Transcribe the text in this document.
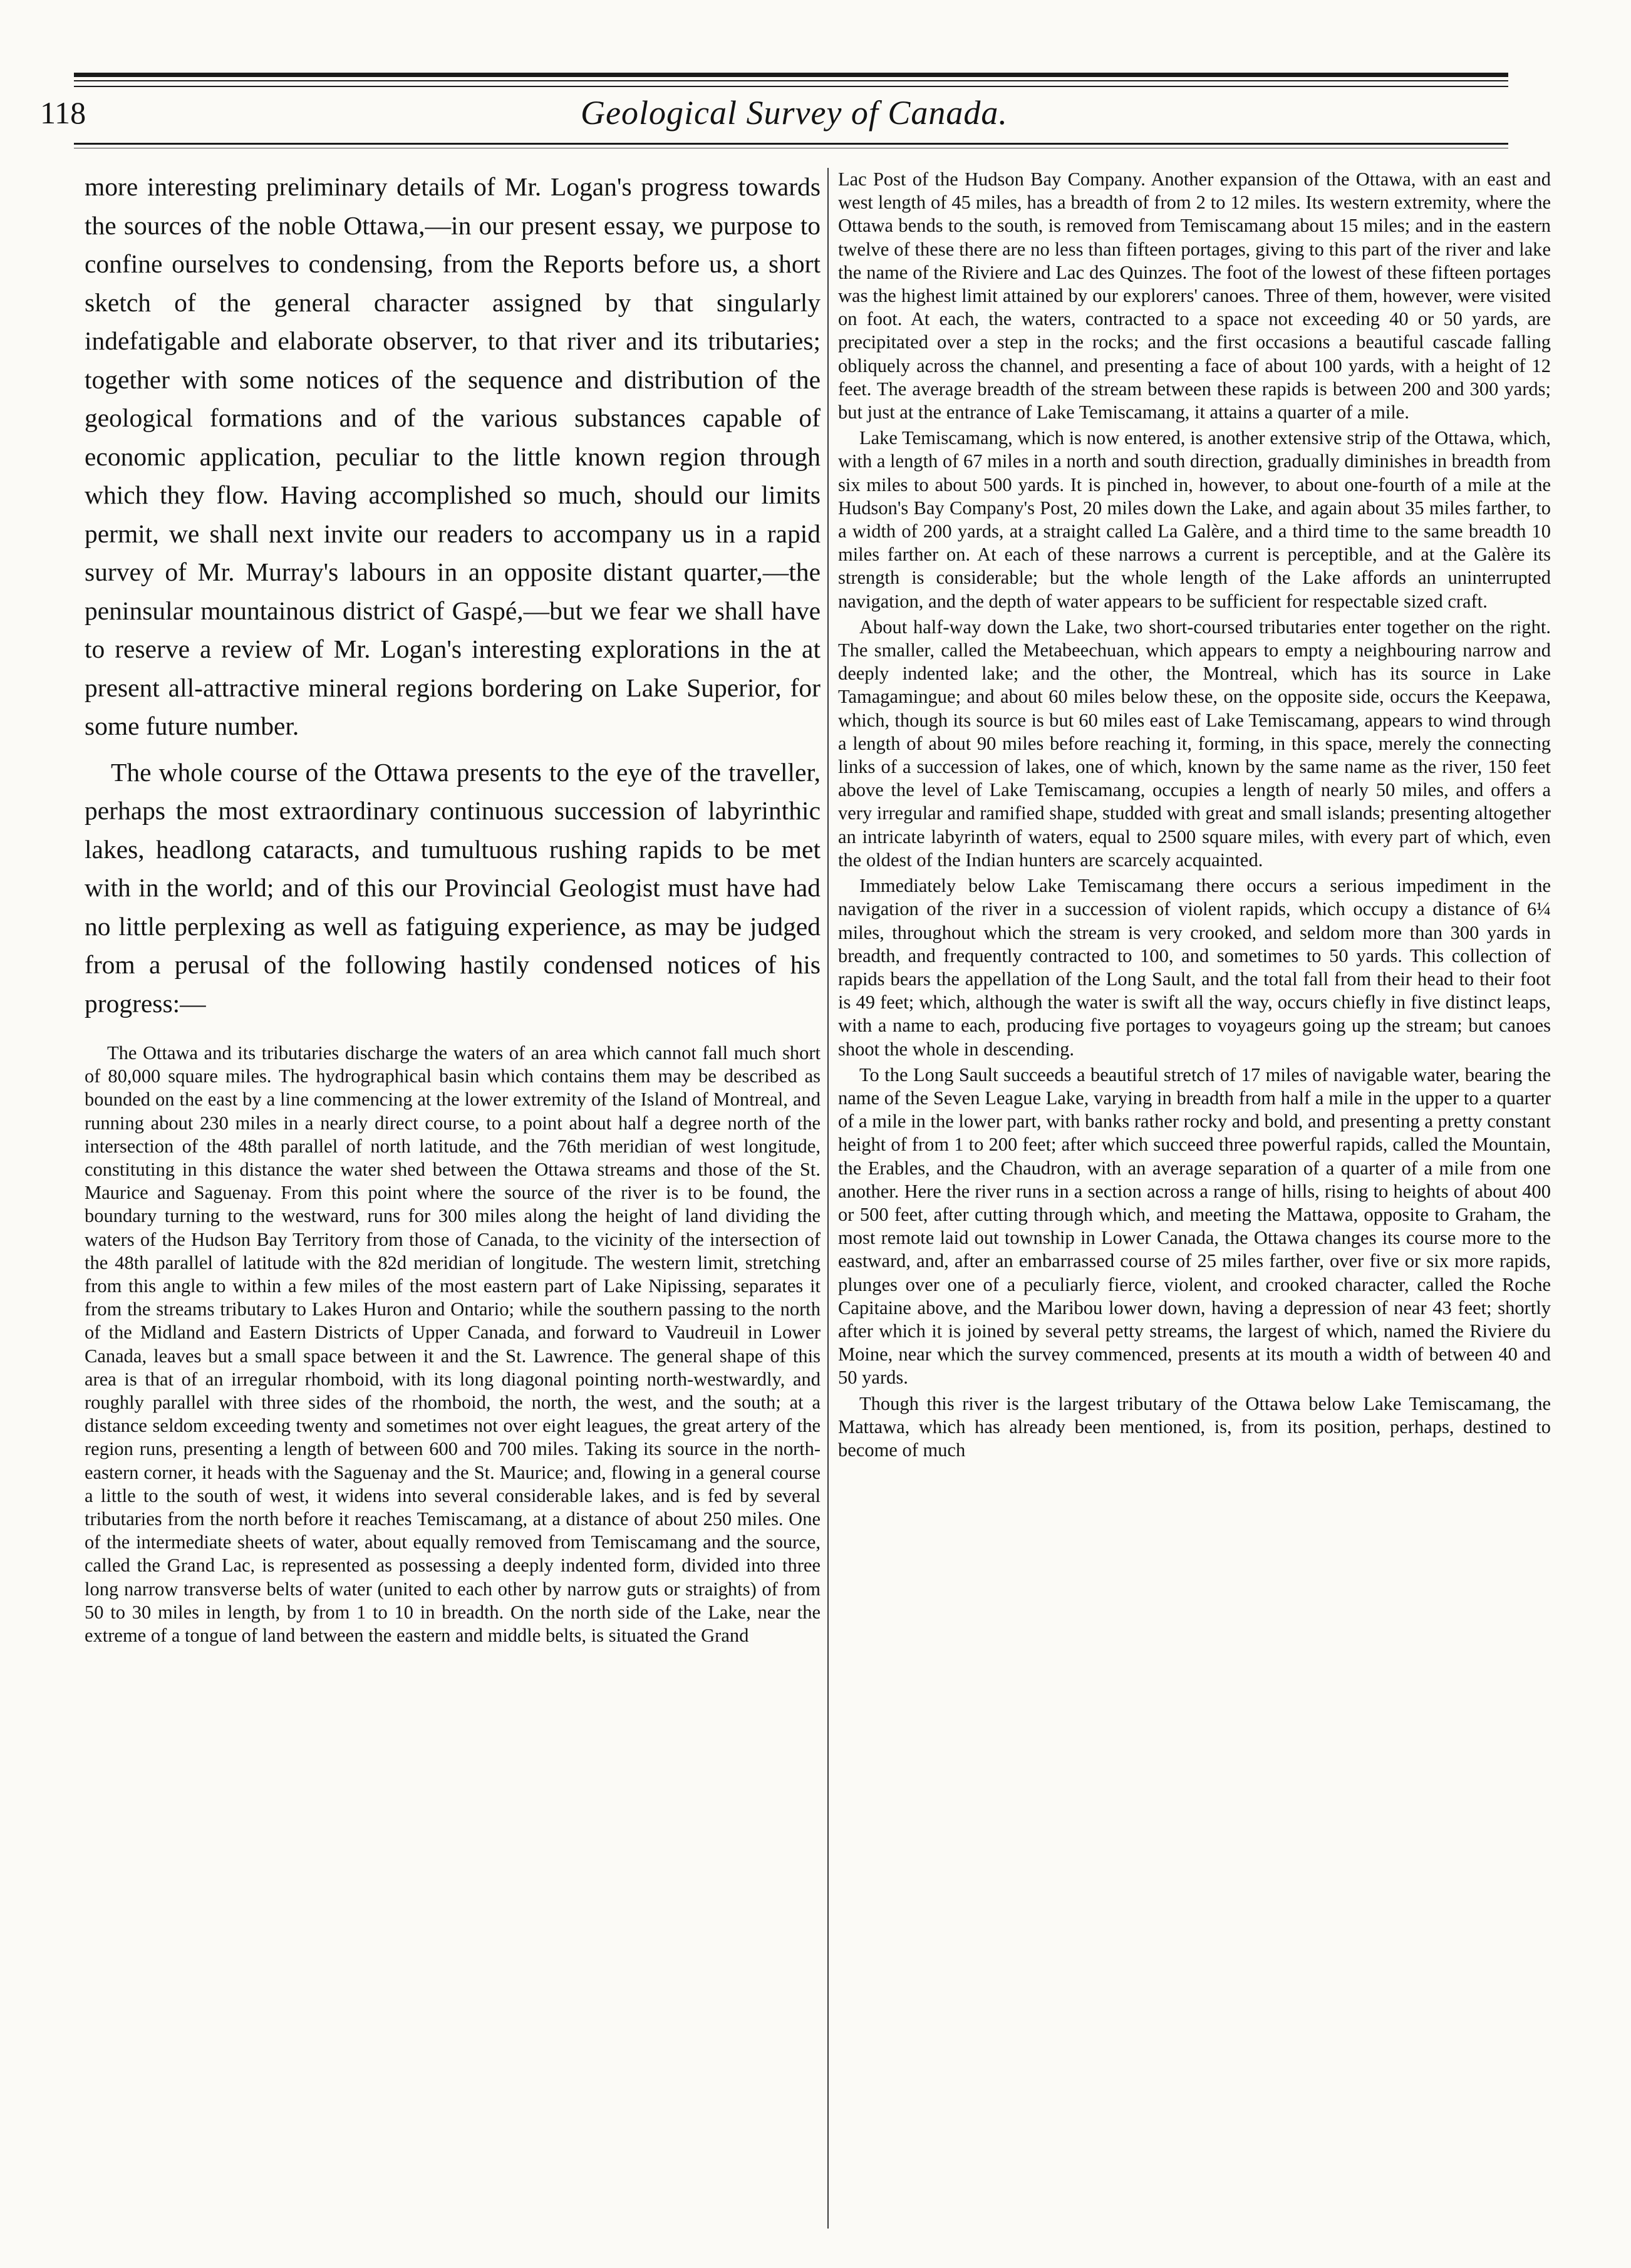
118	Geological Survey of Canada.

more interesting preliminary details of Mr. Logan's progress towards the sources of the noble Ottawa,—in our present essay, we purpose to confine ourselves to condensing, from the Reports before us, a short sketch of the general character assigned by that singularly indefatigable and elaborate observer, to that river and its tributaries; together with some notices of the sequence and distribution of the geological formations and of the various substances capable of economic application, peculiar to the little known region through which they flow. Having accomplished so much, should our limits permit, we shall next invite our readers to accompany us in a rapid survey of Mr. Murray's labours in an opposite distant quarter,—the peninsular mountainous district of Gaspé,—but we fear we shall have to reserve a review of Mr. Logan's interesting explorations in the at present all-attractive mineral regions bordering on Lake Superior, for some future number.

The whole course of the Ottawa presents to the eye of the traveller, perhaps the most extraordinary continuous succession of labyrinthic lakes, headlong cataracts, and tumultuous rushing rapids to be met with in the world; and of this our Provincial Geologist must have had no little perplexing as well as fatiguing experience, as may be judged from a perusal of the following hastily condensed notices of his progress:—

The Ottawa and its tributaries discharge the waters of an area which cannot fall much short of 80,000 square miles. The hydrographical basin which contains them may be described as bounded on the east by a line commencing at the lower extremity of the Island of Montreal, and running about 230 miles in a nearly direct course, to a point about half a degree north of the intersection of the 48th parallel of north latitude, and the 76th meridian of west longitude, constituting in this distance the water shed between the Ottawa streams and those of the St. Maurice and Saguenay. From this point where the source of the river is to be found, the boundary turning to the westward, runs for 300 miles along the height of land dividing the waters of the Hudson Bay Territory from those of Canada, to the vicinity of the intersection of the 48th parallel of latitude with the 82d meridian of longitude. The western limit, stretching from this angle to within a few miles of the most eastern part of Lake Nipissing, separates it from the streams tributary to Lakes Huron and Ontario; while the southern passing to the north of the Midland and Eastern Districts of Upper Canada, and forward to Vaudreuil in Lower Canada, leaves but a small space between it and the St. Lawrence. The general shape of this area is that of an irregular rhomboid, with its long diagonal pointing north-westwardly, and roughly parallel with three sides of the rhomboid, the north, the west, and the south; at a distance seldom exceeding twenty and sometimes not over eight leagues, the great artery of the region runs, presenting a length of between 600 and 700 miles. Taking its source in the north-eastern corner, it heads with the Saguenay and the St. Maurice; and, flowing in a general course a little to the south of west, it widens into several considerable lakes, and is fed by several tributaries from the north before it reaches Temiscamang, at a distance of about 250 miles. One of the intermediate sheets of water, about equally removed from Temiscamang and the source, called the Grand Lac, is represented as possessing a deeply indented form, divided into three long narrow transverse belts of water (united to each other by narrow guts or straights) of from 50 to 30 miles in length, by from 1 to 10 in breadth. On the north side of the Lake, near the extreme of a tongue of land between the eastern and middle belts, is situated the Grand

Lac Post of the Hudson Bay Company. Another expansion of the Ottawa, with an east and west length of 45 miles, has a breadth of from 2 to 12 miles. Its western extremity, where the Ottawa bends to the south, is removed from Temiscamang about 15 miles; and in the eastern twelve of these there are no less than fifteen portages, giving to this part of the river and lake the name of the Riviere and Lac des Quinzes. The foot of the lowest of these fifteen portages was the highest limit attained by our explorers' canoes. Three of them, however, were visited on foot. At each, the waters, contracted to a space not exceeding 40 or 50 yards, are precipitated over a step in the rocks; and the first occasions a beautiful cascade falling obliquely across the channel, and presenting a face of about 100 yards, with a height of 12 feet. The average breadth of the stream between these rapids is between 200 and 300 yards; but just at the entrance of Lake Temiscamang, it attains a quarter of a mile.

Lake Temiscamang, which is now entered, is another extensive strip of the Ottawa, which, with a length of 67 miles in a north and south direction, gradually diminishes in breadth from six miles to about 500 yards. It is pinched in, however, to about one-fourth of a mile at the Hudson's Bay Company's Post, 20 miles down the Lake, and again about 35 miles farther, to a width of 200 yards, at a straight called La Galère, and a third time to the same breadth 10 miles farther on. At each of these narrows a current is perceptible, and at the Galère its strength is considerable; but the whole length of the Lake affords an uninterrupted navigation, and the depth of water appears to be sufficient for respectable sized craft.

About half-way down the Lake, two short-coursed tributaries enter together on the right. The smaller, called the Metabeechuan, which appears to empty a neighbouring narrow and deeply indented lake; and the other, the Montreal, which has its source in Lake Tamagamingue; and about 60 miles below these, on the opposite side, occurs the Keepawa, which, though its source is but 60 miles east of Lake Temiscamang, appears to wind through a length of about 90 miles before reaching it, forming, in this space, merely the connecting links of a succession of lakes, one of which, known by the same name as the river, 150 feet above the level of Lake Temiscamang, occupies a length of nearly 50 miles, and offers a very irregular and ramified shape, studded with great and small islands; presenting altogether an intricate labyrinth of waters, equal to 2500 square miles, with every part of which, even the oldest of the Indian hunters are scarcely acquainted.

Immediately below Lake Temiscamang there occurs a serious impediment in the navigation of the river in a succession of violent rapids, which occupy a distance of 6¼ miles, throughout which the stream is very crooked, and seldom more than 300 yards in breadth, and frequently contracted to 100, and sometimes to 50 yards. This collection of rapids bears the appellation of the Long Sault, and the total fall from their head to their foot is 49 feet; which, although the water is swift all the way, occurs chiefly in five distinct leaps, with a name to each, producing five portages to voyageurs going up the stream; but canoes shoot the whole in descending.

To the Long Sault succeeds a beautiful stretch of 17 miles of navigable water, bearing the name of the Seven League Lake, varying in breadth from half a mile in the upper to a quarter of a mile in the lower part, with banks rather rocky and bold, and presenting a pretty constant height of from 1 to 200 feet; after which succeed three powerful rapids, called the Mountain, the Erables, and the Chaudron, with an average separation of a quarter of a mile from one another. Here the river runs in a section across a range of hills, rising to heights of about 400 or 500 feet, after cutting through which, and meeting the Mattawa, opposite to Graham, the most remote laid out township in Lower Canada, the Ottawa changes its course more to the eastward, and, after an embarrassed course of 25 miles farther, over five or six more rapids, plunges over one of a peculiarly fierce, violent, and crooked character, called the Roche Capitaine above, and the Maribou lower down, having a depression of near 43 feet; shortly after which it is joined by several petty streams, the largest of which, named the Riviere du Moine, near which the survey commenced, presents at its mouth a width of between 40 and 50 yards.

Though this river is the largest tributary of the Ottawa below Lake Temiscamang, the Mattawa, which has already been mentioned, is, from its position, perhaps, destined to become of much
